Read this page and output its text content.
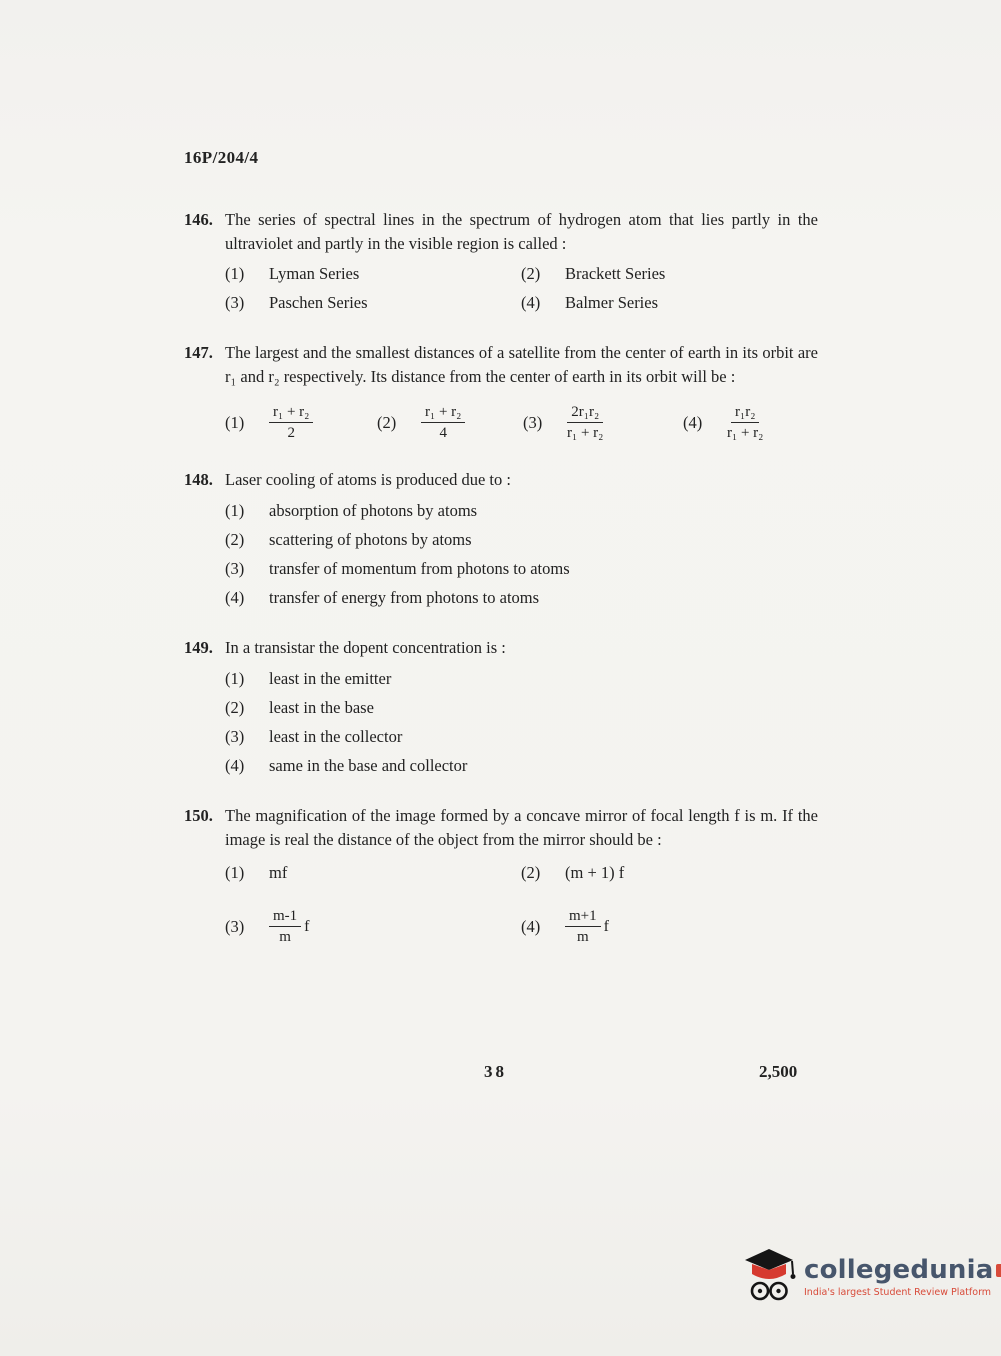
16P/204/4
146. The series of spectral lines in the spectrum of hydrogen atom that lies partly in the ultraviolet and partly in the visible region is called :

(1)	Lyman Series	(2)	Brackett Series
(3)	Paschen Series	(4)	Balmer Series
147. The largest and the smallest distances of a satellite from the center of earth in its orbit are r₁ and r₂ respectively. Its distance from the center of earth in its orbit will be :

(1)	$\frac{\text{r₁ + r₂}}{2}$	(2)	$\frac{\text{r₁ + r₂}}{4}$	(3)	$\frac{\text{2r₁r₂}}{\text{r₁ + r₂}}$	(4)	$\frac{\text{r₁r₂}}{\text{r₁ + r₂}}$
148. Laser cooling of atoms is produced due to :

(1)	absorption of photons by atoms
(2)	scattering of photons by atoms
(3)	transfer of momentum from photons to atoms
(4)	transfer of energy from photons to atoms
149. In a transistar the dopent concentration is :

(1)	least in the emitter
(2)	least in the base
(3)	least in the collector
(4)	same in the base and collector
150. The magnification of the image formed by a concave mirror of focal length f is m. If the image is real the distance of the object from the mirror should be :

(1)	mf	(2)	(m + 1) f
(3)	$\frac{m-1}{m}$ f	(4)	$\frac{m+1}{m}$ f
38	2,500
collegedunia
India's largest Student Review Platform
